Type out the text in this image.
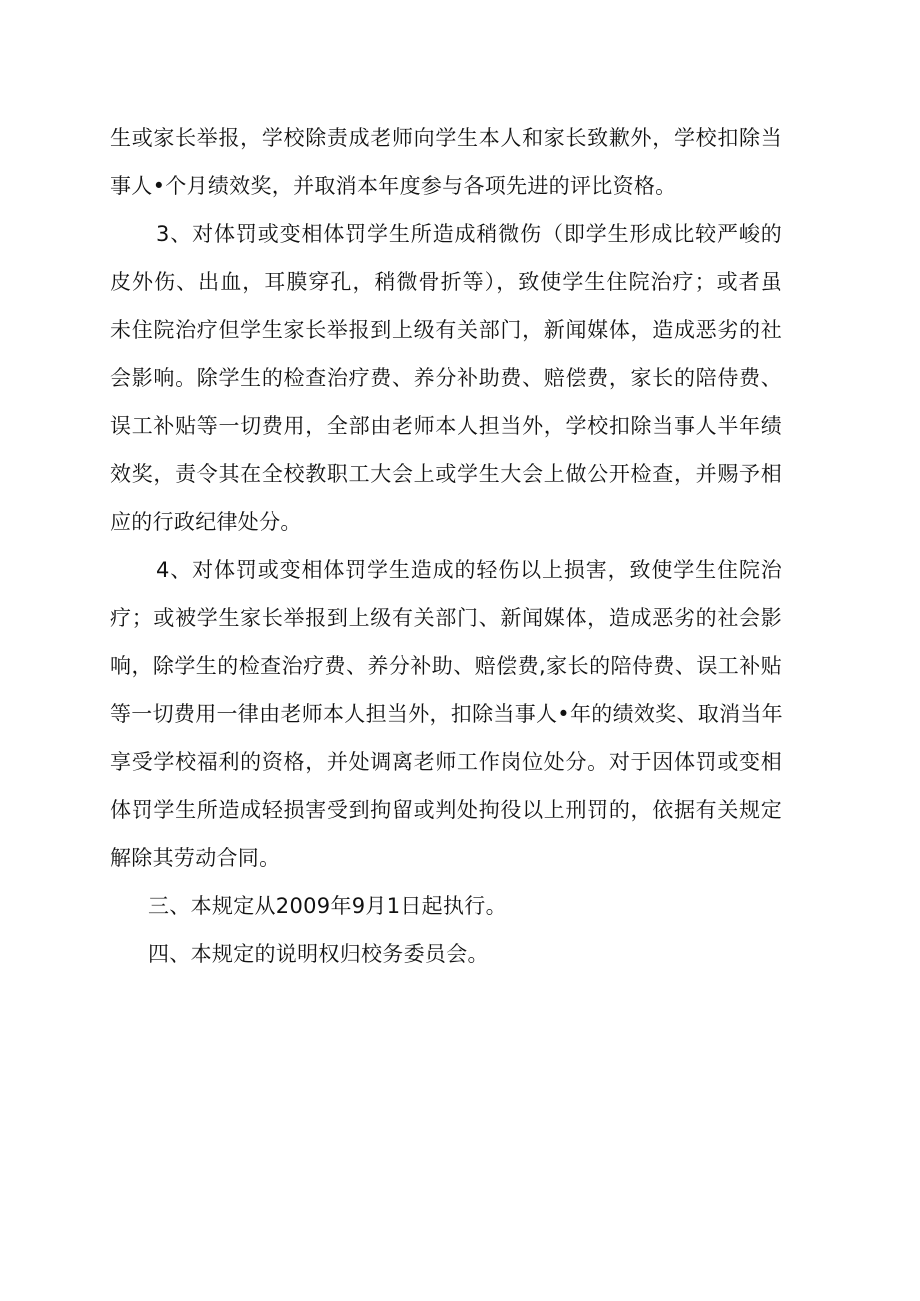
生或家长举报，学校除责成老师向学生本人和家长致歉外，学校扣除当
事人•个月绩效奖，并取消本年度参与各项先进的评比资格。
3、对体罚或变相体罚学生所造成稍微伤（即学生形成比较严峻的
皮外伤、出血，耳膜穿孔，稍微骨折等），致使学生住院治疗；或者虽
未住院治疗但学生家长举报到上级有关部门，新闻媒体，造成恶劣的社
会影响。除学生的检查治疗费、养分补助费、赔偿费，家长的陪侍费、
误工补贴等一切费用，全部由老师本人担当外，学校扣除当事人半年绩
效奖，责令其在全校教职工大会上或学生大会上做公开检查，并赐予相
应的行政纪律处分。
4、对体罚或变相体罚学生造成的轻伤以上损害，致使学生住院治
疗；或被学生家长举报到上级有关部门、新闻媒体，造成恶劣的社会影
响，除学生的检查治疗费、养分补助、赔偿费,家长的陪侍费、误工补贴
等一切费用一律由老师本人担当外，扣除当事人•年的绩效奖、取消当年
享受学校福利的资格，并处调离老师工作岗位处分。对于因体罚或变相
体罚学生所造成轻损害受到拘留或判处拘役以上刑罚的，依据有关规定
解除其劳动合同。
三、本规定从2009年9月1日起执行。
四、本规定的说明权归校务委员会。
